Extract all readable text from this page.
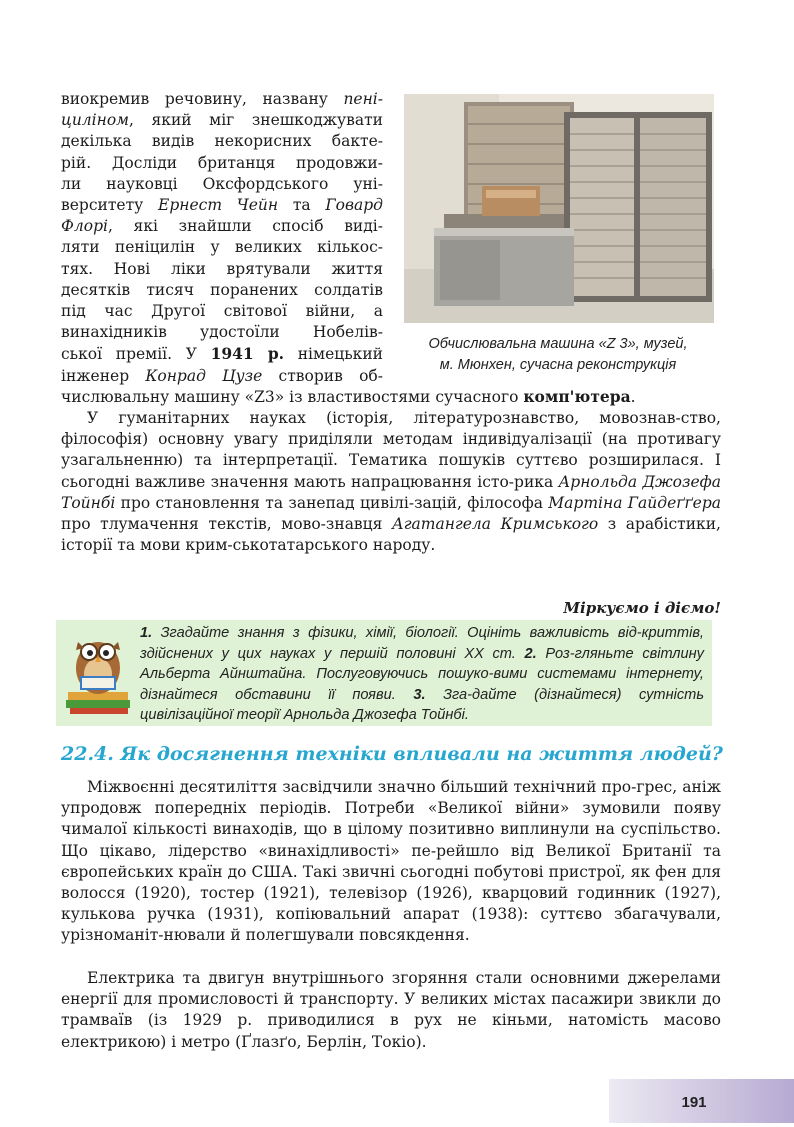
Обчислювальна машина «Z 3», музей,
м. Мюнхен, сучасна реконструкція
виокремив речовину, названу пені-
циліном, який міг знешкоджувати
декілька видів некорисних бакте-
рій. Досліди британця продовжи-
ли науковці Оксфордського уні-
верситету Ернест Чейн та Говард
Флорі, які знайшли спосіб виді-
ляти пеніцилін у великих кількос-
тях. Нові ліки врятували життя
десятків тисяч поранених солдатів
під час Другої світової війни, а
винахідників удостоїли Нобелів-
ської премії. У 1941 р. німецький
інженер Конрад Цузе створив об-
числювальну машину «Z3» із властивостями сучасного комп'ютера.

У гуманітарних науках (історія, літературознавство, мовознав-ство, філософія) основну увагу приділяли методам індивідуалізації (на противагу узагальненню) та інтерпретації. Тематика пошуків суттєво розширилася. І сьогодні важливе значення мають напрацювання істо-рика Арнольда Джозефа Тойнбі про становлення та занепад цивілі-зацій, філософа Мартіна Гайдеґґера про тлумачення текстів, мово-знавця Агатангела Кримського з арабістики, історії та мови крим-ськотатарського народу.

Міркуємо і діємо!
1. Згадайте знання з фізики, хімії, біології. Оцініть важливість від-криттів, здійснених у цих науках у першій половині XX ст. 2. Роз-гляньте світлину Альберта Айнштайна. Послуговуючись пошуко-вими системами інтернету, дізнайтеся обставини її появи. 3. Зга-дайте (дізнайтеся) сутність цивілізаційної теорії Арнольда Джозефа Тойнбі.
22.4. Як досягнення техніки впливали на життя людей?

Міжвоєнні десятиліття засвідчили значно більший технічний про-грес, аніж упродовж попередніх періодів. Потреби «Великої війни» зумовили появу чималої кількості винаходів, що в цілому позитивно виплинули на суспільство. Що цікаво, лідерство «винахідливості» пе-рейшло від Великої Британії та європейських країн до США. Такі звичні сьогодні побутові пристрої, як фен для волосся (1920), тостер (1921), телевізор (1926), кварцовий годинник (1927), кулькова ручка (1931), копіювальний апарат (1938): суттєво збагачували, урізноманіт-нювали й полегшували повсякдення.

Електрика та двигун внутрішнього згоряння стали основними джерелами енергії для промисловості й транспорту. У великих містах пасажири звикли до трамваїв (із 1929 р. приводилися в рух не кіньми, натомість масово електрикою) і метро (Ґлазґо, Берлін, Токіо).

191
